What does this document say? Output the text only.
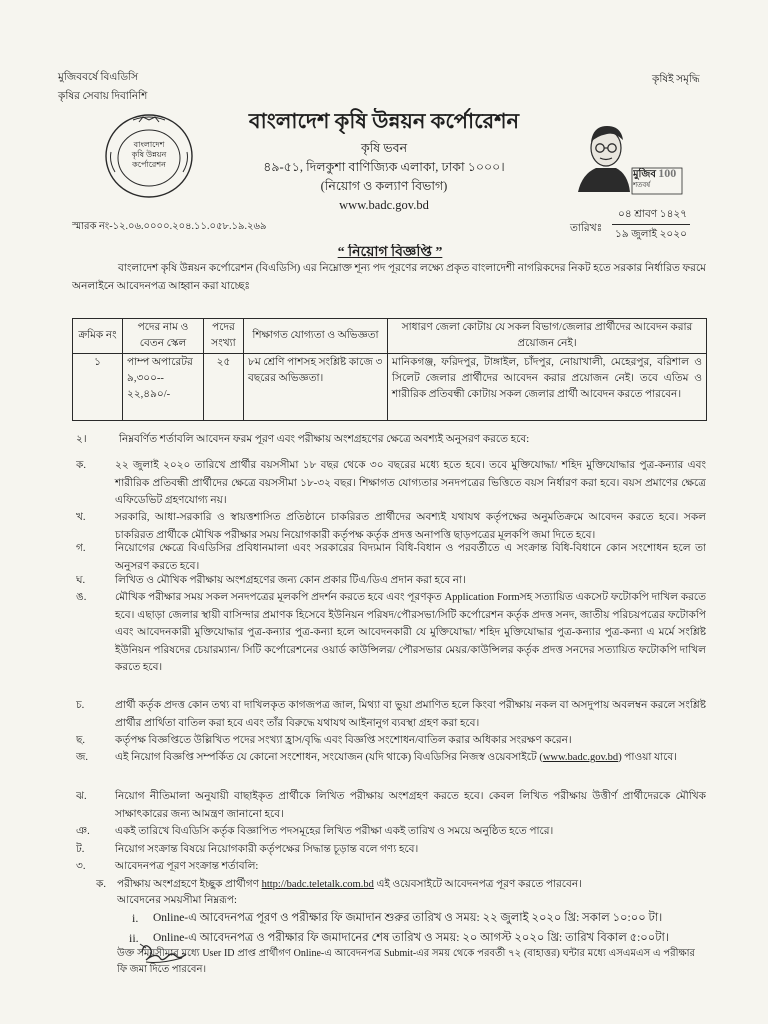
মুজিববর্ষে বিএডিসি
কৃষির সেবায় দিবানিশি
কৃষিই সমৃদ্ধি
বাংলাদেশ
কৃষি উন্নয়ন
কর্পোরেশন
বাংলাদেশ কৃষি উন্নয়ন কর্পোরেশন
কৃষি ভবন
৪৯-৫১, দিলকুশা বাণিজ্যিক এলাকা, ঢাকা ১০০০।
(নিয়োগ ও কল্যাণ বিভাগ)
www.badc.gov.bd
মুজিব 100
শতবর্ষ
স্মারক নং-১২.০৬.০০০০.২০৪.১১.০৫৮.১৯.২৬৯	তারিখঃ
০৪ শ্রাবণ ১৪২৭
১৯ জুলাই ২০২০
“ নিয়োগ বিজ্ঞপ্তি ”
বাংলাদেশ কৃষি উন্নয়ন কর্পোরেশন (বিএডিসি) এর নিম্নোক্ত শূন্য পদ পূরণের লক্ষ্যে প্রকৃত বাংলাদেশী নাগরিকদের নিকট হতে সরকার নির্ধারিত ফরমে অনলাইনে আবেদনপত্র আহ্বান করা যাচ্ছেঃ
ক্রমিক নং	পদের নাম ও বেতন স্কেল	পদের সংখ্যা	শিক্ষাগত যোগ্যতা ও অভিজ্ঞতা	সাধারণ জেলা কোটায় যে সকল বিভাগ/জেলার প্রার্থীদের আবেদন করার প্রয়োজন নেই।
১	পাম্প অপারেটর
৯,৩০০--
২২,৪৯০/-	২৫	৮ম শ্রেণি পাশসহ সংশ্লিষ্ট কাজে ৩ বছরের অভিজ্ঞতা।	মানিকগঞ্জ, ফরিদপুর, টাঙ্গাইল, চাঁদপুর, নোয়াখালী, মেহেরপুর, বরিশাল ও সিলেট জেলার প্রার্থীদের আবেদন করার প্রয়োজন নেই। তবে এতিম ও শারীরিক প্রতিবন্ধী কোটায় সকল জেলার প্রার্থী আবেদন করতে পারবেন।
২।	নিম্নবর্ণিত শর্তাবলি আবেদন ফরম পূরণ এবং পরীক্ষায় অংশগ্রহণের ক্ষেত্রে অবশ্যই অনুসরণ করতে হবে:
ক.	২২ জুলাই ২০২০ তারিখে প্রার্থীর বয়সসীমা ১৮ বছর থেকে ৩০ বছরের মধ্যে হতে হবে। তবে মুক্তিযোদ্ধা/ শহিদ মুক্তিযোদ্ধার পুত্র-কন্যার এবং শারীরিক প্রতিবন্ধী প্রার্থীদের ক্ষেত্রে বয়সসীমা ১৮-৩২ বছর। শিক্ষাগত যোগ্যতার সনদপত্রের ভিত্তিতে বয়স নির্ধারণ করা হবে। বয়স প্রমাণের ক্ষেত্রে এফিডেভিট গ্রহণযোগ্য নয়।
খ.	সরকারি, আধা-সরকারি ও স্বায়ত্তশাসিত প্রতিষ্ঠানে চাকরিরত প্রার্থীদের অবশ্যই যথাযথ কর্তৃপক্ষের অনুমতিক্রমে আবেদন করতে হবে। সকল চাকরিরত প্রার্থীকে মৌখিক পরীক্ষার সময় নিয়োগকারী কর্তৃপক্ষ কর্তৃক প্রদত্ত অনাপত্তি ছাড়পত্রের মূলকপি জমা দিতে হবে।
গ.	নিয়োগের ক্ষেত্রে বিএডিসির প্রবিধানমালা এবং সরকারের বিদ্যমান বিধি-বিধান ও পরবর্তীতে এ সংক্রান্ত বিধি-বিধানে কোন সংশোধন হলে তা অনুসরণ করতে হবে।
ঘ.	লিখিত ও মৌখিক পরীক্ষায় অংশগ্রহণের জন্য কোন প্রকার টিএ/ডিএ প্রদান করা হবে না।
ঙ.	মৌখিক পরীক্ষার সময় সকল সনদপত্রের মূলকপি প্রদর্শন করতে হবে এবং পূরণকৃত Application Formসহ সত্যায়িত একসেট ফটোকপি দাখিল করতে হবে। এছাড়া জেলার স্থায়ী বাসিন্দার প্রমাণক হিসেবে ইউনিয়ন পরিষদ/পৌরসভা/সিটি কর্পোরেশন কর্তৃক প্রদত্ত সনদ, জাতীয় পরিচয়পত্রের ফটোকপি এবং আবেদনকারী মুক্তিযোদ্ধার পুত্র-কন্যার পুত্র-কন্যা হলে আবেদনকারী যে মুক্তিযোদ্ধা/ শহিদ মুক্তিযোদ্ধার পুত্র-কন্যার পুত্র-কন্যা এ মর্মে সংশ্লিষ্ট ইউনিয়ন পরিষদের চেয়ারম্যান/ সিটি কর্পোরেশনের ওয়ার্ড কাউন্সিলর/ পৌরসভার মেয়র/কাউন্সিলর কর্তৃক প্রদত্ত সনদের সত্যায়িত ফটোকপি দাখিল করতে হবে।
চ.	প্রার্থী কর্তৃক প্রদত্ত কোন তথ্য বা দাখিলকৃত কাগজপত্র জাল, মিথ্যা বা ভুয়া প্রমাণিত হলে কিংবা পরীক্ষায় নকল বা অসদুপায় অবলম্বন করলে সংশ্লিষ্ট প্রার্থীর প্রার্থিতা বাতিল করা হবে এবং তাঁর বিরুদ্ধে যথাযথ আইনানুগ ব্যবস্থা গ্রহণ করা হবে।
ছ.	কর্তৃপক্ষ বিজ্ঞপ্তিতে উল্লিখিত পদের সংখ্যা হ্রাস/বৃদ্ধি এবং বিজ্ঞপ্তি সংশোধন/বাতিল করার অধিকার সংরক্ষণ করেন।
জ.	এই নিয়োগ বিজ্ঞপ্তি সম্পর্কিত যে কোনো সংশোধন, সংযোজন (যদি থাকে) বিএডিসির নিজস্ব ওয়েবসাইটে (www.badc.gov.bd) পাওয়া যাবে।
ঝ.	নিয়োগ নীতিমালা অনুযায়ী বাছাইকৃত প্রার্থীকে লিখিত পরীক্ষায় অংশগ্রহণ করতে হবে। কেবল লিখিত পরীক্ষায় উত্তীর্ণ প্রার্থীদেরকে মৌখিক সাক্ষাৎকারের জন্য আমন্ত্রণ জানানো হবে।
ঞ. একই তারিখে বিএডিসি কর্তৃক বিজ্ঞাপিত পদসমূহের লিখিত পরীক্ষা একই তারিখ ও সময়ে অনুষ্ঠিত হতে পারে।
ট.	নিয়োগ সংক্রান্ত বিষয়ে নিয়োগকারী কর্তৃপক্ষের সিদ্ধান্ত চূড়ান্ত বলে গণ্য হবে।
৩.	আবেদনপত্র পূরণ সংক্রান্ত শর্তাবলি:
ক. পরীক্ষায় অংশগ্রহণে ইচ্ছুক প্রার্থীগণ http://badc.teletalk.com.bd এই ওয়েবসাইটে আবেদনপত্র পূরণ করতে পারবেন।
আবেদনের সময়সীমা নিম্নরূপ:
i. Online-এ আবেদনপত্র পূরণ ও পরীক্ষার ফি জমাদান শুরুর তারিখ ও সময়: ২২ জুলাই ২০২০ খ্রি: সকাল ১০:০০ টা।
ii. Online-এ আবেদনপত্র ও পরীক্ষার ফি জমাদানের শেষ তারিখ ও সময়: ২০ আগস্ট ২০২০ খ্রি: তারিখ বিকাল ৫:০০টা।
উক্ত সময়সীমার মধ্যে User ID প্রাপ্ত প্রার্থীগণ Online-এ আবেদনপত্র Submit-এর সময় থেকে পরবর্তী ৭২ (বাহাত্তর) ঘন্টার মধ্যে এসএমএস এ পরীক্ষার ফি জমা দিতে পারবেন।
